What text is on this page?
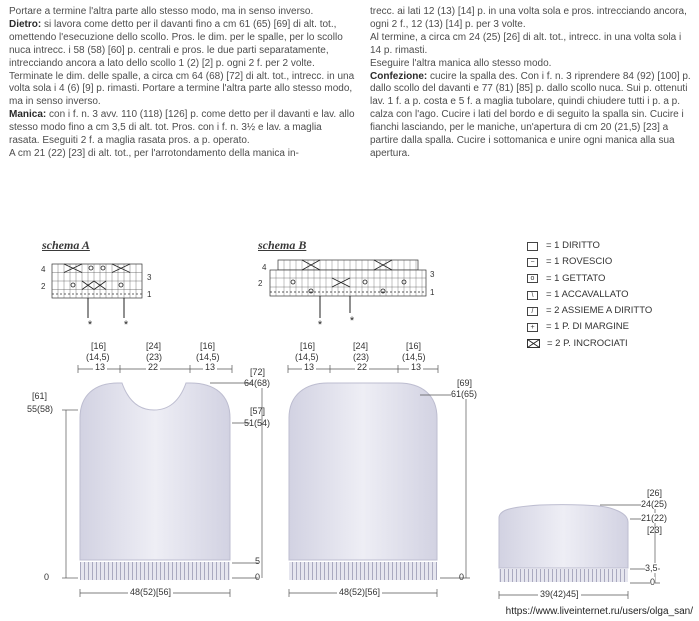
Portare a termine l'altra parte allo stesso modo, ma in senso inverso.

Dietro: si lavora come detto per il davanti fino a cm 61 (65) [69] di alt. tot., omettendo l'esecuzione dello scollo. Pros. le dim. per le spalle, per lo scollo nuca intrecc. i 58 (58) [60] p. centrali e pros. le due parti separatamente, intrecciando ancora a lato dello scollo 1 (2) [2] p. ogni 2 f. per 2 volte.

Terminate le dim. delle spalle, a circa cm 64 (68) [72] di alt. tot., intrecc. in una volta sola i 4 (6) [9] p. rimasti. Portare a termine l'altra parte allo stesso modo, ma in senso inverso.

Manica: con i f. n. 3 avv. 110 (118) [126] p. come detto per il davanti e lav. allo stesso modo fino a cm 3,5 di alt. tot. Pros. con i f. n. 3½ e lav. a maglia rasata. Eseguiti 2 f. a maglia rasata pros. a p. operato.

A cm 21 (22) [23] di alt. tot., per l'arrotondamento della manica in-

trecc. ai lati 12 (13) [14] p. in una volta sola e pros. intrecciando ancora, ogni 2 f., 12 (13) [14] p. per 3 volte.

Al termine, a circa cm 24 (25) [26] di alt. tot., intrecc. in una volta sola i 14 p. rimasti.

Eseguire l'altra manica allo stesso modo.

Confezione: cucire la spalla des. Con i f. n. 3 riprendere 84 (92) [100] p. dallo scollo del davanti e 77 (81) [85] p. dallo scollo nuca. Sui p. ottenuti lav. 1 f. a p. costa e 5 f. a maglia tubolare, quindi chiudere tutti i p. a p. calza con l'ago. Cucire i lati del bordo e di seguito la spalla sin. Cucire i fianchi lasciando, per le maniche, un'apertura di cm 20 (21,5) [23] a partire dalla spalla. Cucire i sottomanica e unire ogni manica alla sua apertura.

schema A	schema B
*	*
4
3
2
1
*	*
4
3
2
1
= 1 DIRITTO
−	= 1 ROVESCIO
o	= 1 GETTATO
\	= 1 ACCAVALLATO
/	= 2 ASSIEME A DIRITTO
+	= 1 P. DI MARGINE
= 2 P. INCROCIATI
[16]
(14,5)
13
[24]
(23)
22
[16]
(14,5)
13
[61]
55(58)
0
[72]
64(68)
[57]
51(54)
5
0
48(52)[56]
[16]
(14,5)
13
[24]
(23)
22
[16]
(14,5)
13
[69]
61(65)
0
48(52)[56]
[26]
24(25)
21(22)
[23]
3,5
0
39(42)45]
https://www.liveinternet.ru/users/olga_san/
